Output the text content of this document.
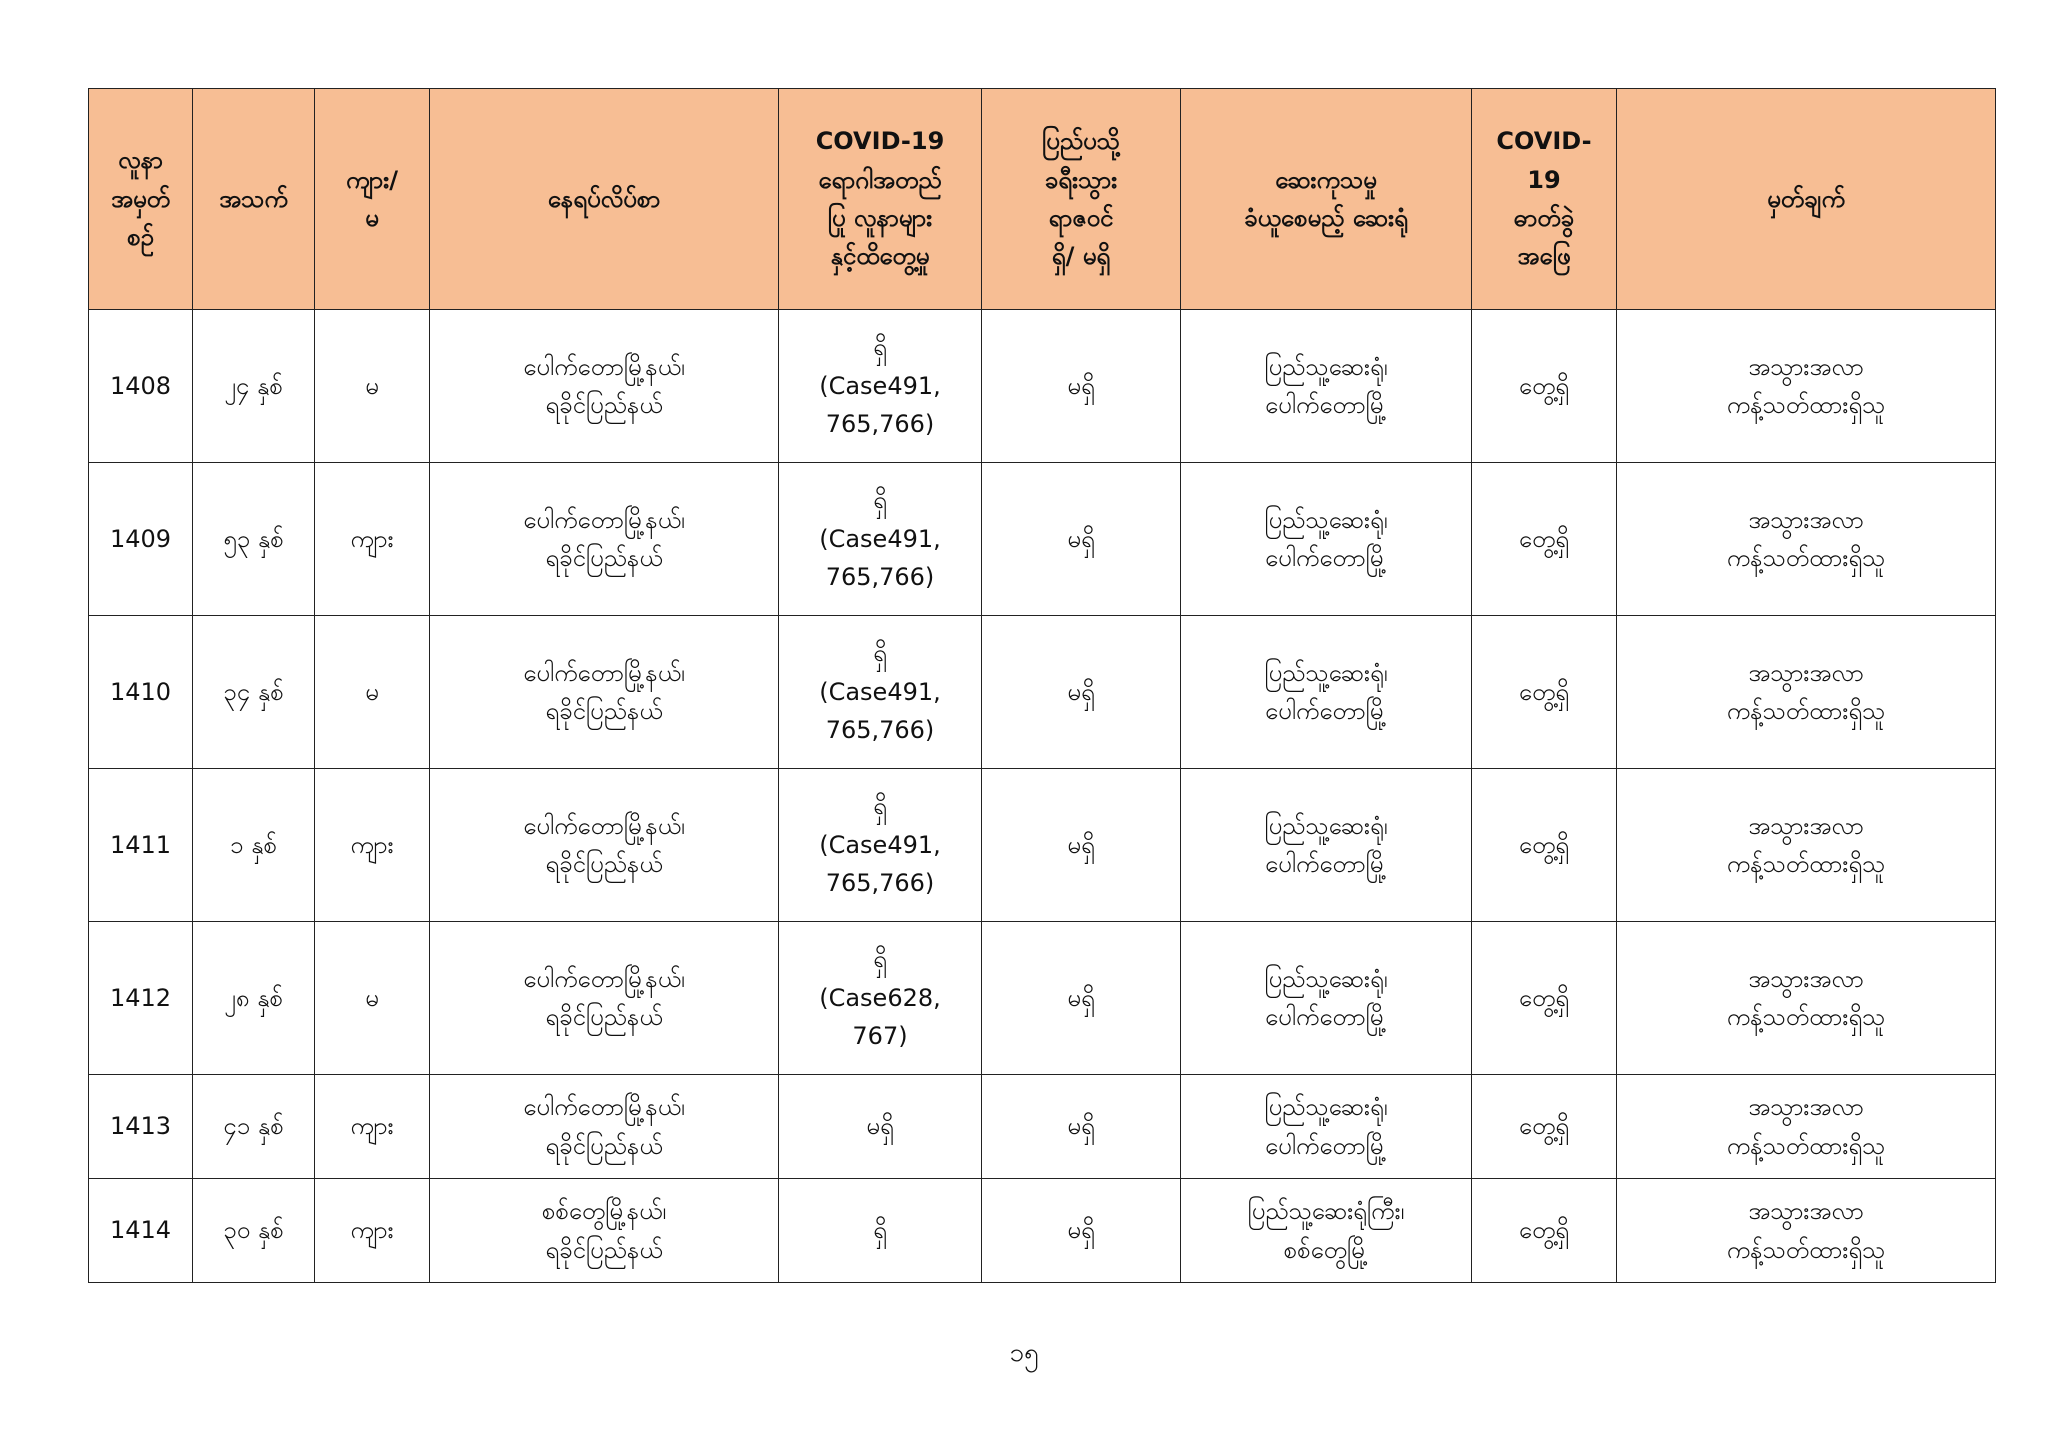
လူနာ
အမှတ်
စဉ်	အသက်	ကျား/
မ	နေရပ်လိပ်စာ	COVID-19
ရောဂါအတည်
ပြု လူနာများ
နှင့်ထိတွေ့မှု	ပြည်ပသို့
ခရီးသွား
ရာဇဝင်
ရှိ/ မရှိ	ဆေးကုသမှု
ခံယူစေမည့် ဆေးရုံ	COVID-
19
ဓာတ်ခွဲ
အဖြေ	မှတ်ချက်
1408	၂၄ နှစ်	မ	ပေါက်တောမြို့နယ်၊
ရခိုင်ပြည်နယ်	ရှိ
(Case491,
765,766)	မရှိ	ပြည်သူ့ဆေးရုံ၊
ပေါက်တောမြို့	တွေ့ရှိ	အသွားအလာ
ကန့်သတ်ထားရှိသူ
1409	၅၃ နှစ်	ကျား	ပေါက်တောမြို့နယ်၊
ရခိုင်ပြည်နယ်	ရှိ
(Case491,
765,766)	မရှိ	ပြည်သူ့ဆေးရုံ၊
ပေါက်တောမြို့	တွေ့ရှိ	အသွားအလာ
ကန့်သတ်ထားရှိသူ
1410	၃၄ နှစ်	မ	ပေါက်တောမြို့နယ်၊
ရခိုင်ပြည်နယ်	ရှိ
(Case491,
765,766)	မရှိ	ပြည်သူ့ဆေးရုံ၊
ပေါက်တောမြို့	တွေ့ရှိ	အသွားအလာ
ကန့်သတ်ထားရှိသူ
1411	၁ နှစ်	ကျား	ပေါက်တောမြို့နယ်၊
ရခိုင်ပြည်နယ်	ရှိ
(Case491,
765,766)	မရှိ	ပြည်သူ့ဆေးရုံ၊
ပေါက်တောမြို့	တွေ့ရှိ	အသွားအလာ
ကန့်သတ်ထားရှိသူ
1412	၂၈ နှစ်	မ	ပေါက်တောမြို့နယ်၊
ရခိုင်ပြည်နယ်	ရှိ
(Case628,
767)	မရှိ	ပြည်သူ့ဆေးရုံ၊
ပေါက်တောမြို့	တွေ့ရှိ	အသွားအလာ
ကန့်သတ်ထားရှိသူ
1413	၄၁ နှစ်	ကျား	ပေါက်တောမြို့နယ်၊
ရခိုင်ပြည်နယ်	မရှိ	မရှိ	ပြည်သူ့ဆေးရုံ၊
ပေါက်တောမြို့	တွေ့ရှိ	အသွားအလာ
ကန့်သတ်ထားရှိသူ
1414	၃၀ နှစ်	ကျား	စစ်တွေမြို့နယ်၊
ရခိုင်ပြည်နယ်	ရှိ	မရှိ	ပြည်သူ့ဆေးရုံကြီး၊
စစ်တွေမြို့	တွေ့ရှိ	အသွားအလာ
ကန့်သတ်ထားရှိသူ
၁၅
